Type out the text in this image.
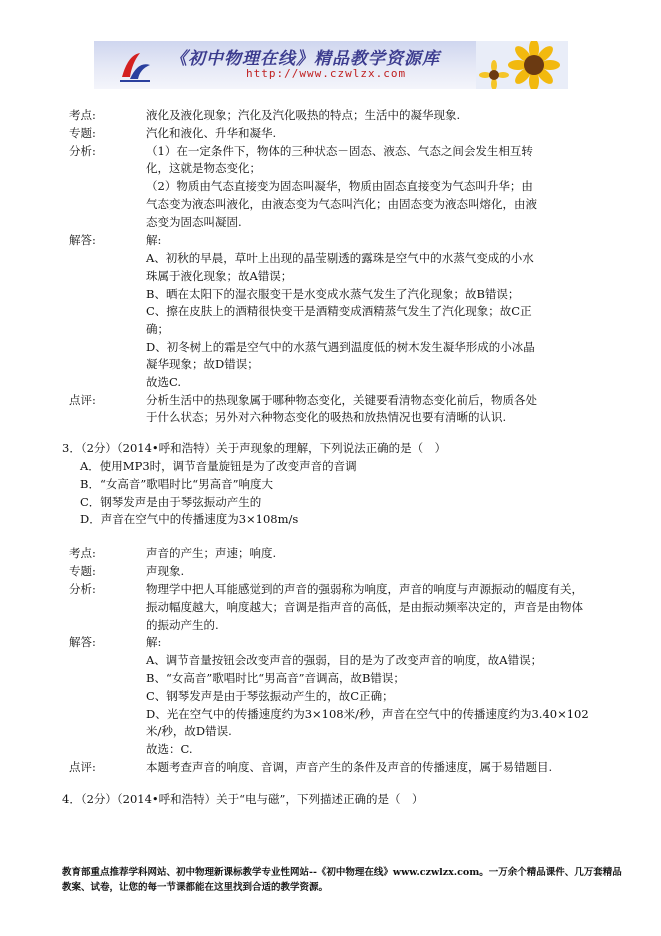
《初中物理在线》精品教学资源库
http://www.czwlzx.com
考点:	液化及液化现象；汽化及汽化吸热的特点；生活中的凝华现象.
专题:	汽化和液化、升华和凝华.
分析:	（1）在一定条件下，物体的三种状态－固态、液态、气态之间会发生相互转
化，这就是物态变化；
（2）物质由气态直接变为固态叫凝华，物质由固态直接变为气态叫升华；由
气态变为液态叫液化，由液态变为气态叫汽化；由固态变为液态叫熔化，由液
态变为固态叫凝固.
解答:	解:
A、初秋的早晨，草叶上出现的晶莹剔透的露珠是空气中的水蒸气变成的小水
珠属于液化现象；故A错误；
B、晒在太阳下的湿衣服变干是水变成水蒸气发生了汽化现象；故B错误；
C、擦在皮肤上的酒精很快变干是酒精变成酒精蒸气发生了汽化现象；故C正
确；
D、初冬树上的霜是空气中的水蒸气遇到温度低的树木发生凝华形成的小冰晶
凝华现象；故D错误；
故选C.
点评:	分析生活中的热现象属于哪种物态变化，关键要看清物态变化前后，物质各处
于什么状态；另外对六种物态变化的吸热和放热情况也要有清晰的认识.
3．（2分）（2014•呼和浩特）关于声现象的理解，下列说法正确的是（　）
A．使用MP3时，调节音量旋钮是为了改变声音的音调
B．“女高音”歌唱时比“男高音”响度大
C．钢琴发声是由于琴弦振动产生的
D．声音在空气中的传播速度为3×108m/s
考点:	声音的产生；声速；响度.
专题:	声现象.
分析:	物理学中把人耳能感觉到的声音的强弱称为响度，声音的响度与声源振动的幅度有关，
振动幅度越大，响度越大；音调是指声音的高低，是由振动频率决定的，声音是由物体
的振动产生的.
解答:	解:
A、调节音量按钮会改变声音的强弱，目的是为了改变声音的响度，故A错误；
B、“女高音”歌唱时比“男高音”音调高，故B错误；
C、钢琴发声是由于琴弦振动产生的，故C正确；
D、光在空气中的传播速度约为3×108米/秒，声音在空气中的传播速度约为3.40×102
米/秒，故D错误.
故选：C.
点评:	本题考查声音的响度、音调，声音产生的条件及声音的传播速度，属于易错题目.
4．（2分）（2014•呼和浩特）关于“电与磁”，下列描述正确的是（　）
教育部重点推荐学科网站、初中物理新课标教学专业性网站--《初中物理在线》www.czwlzx.com。一万余个精品课件、几万套精品教案、试卷，让您的每一节课都能在这里找到合适的教学资源。
